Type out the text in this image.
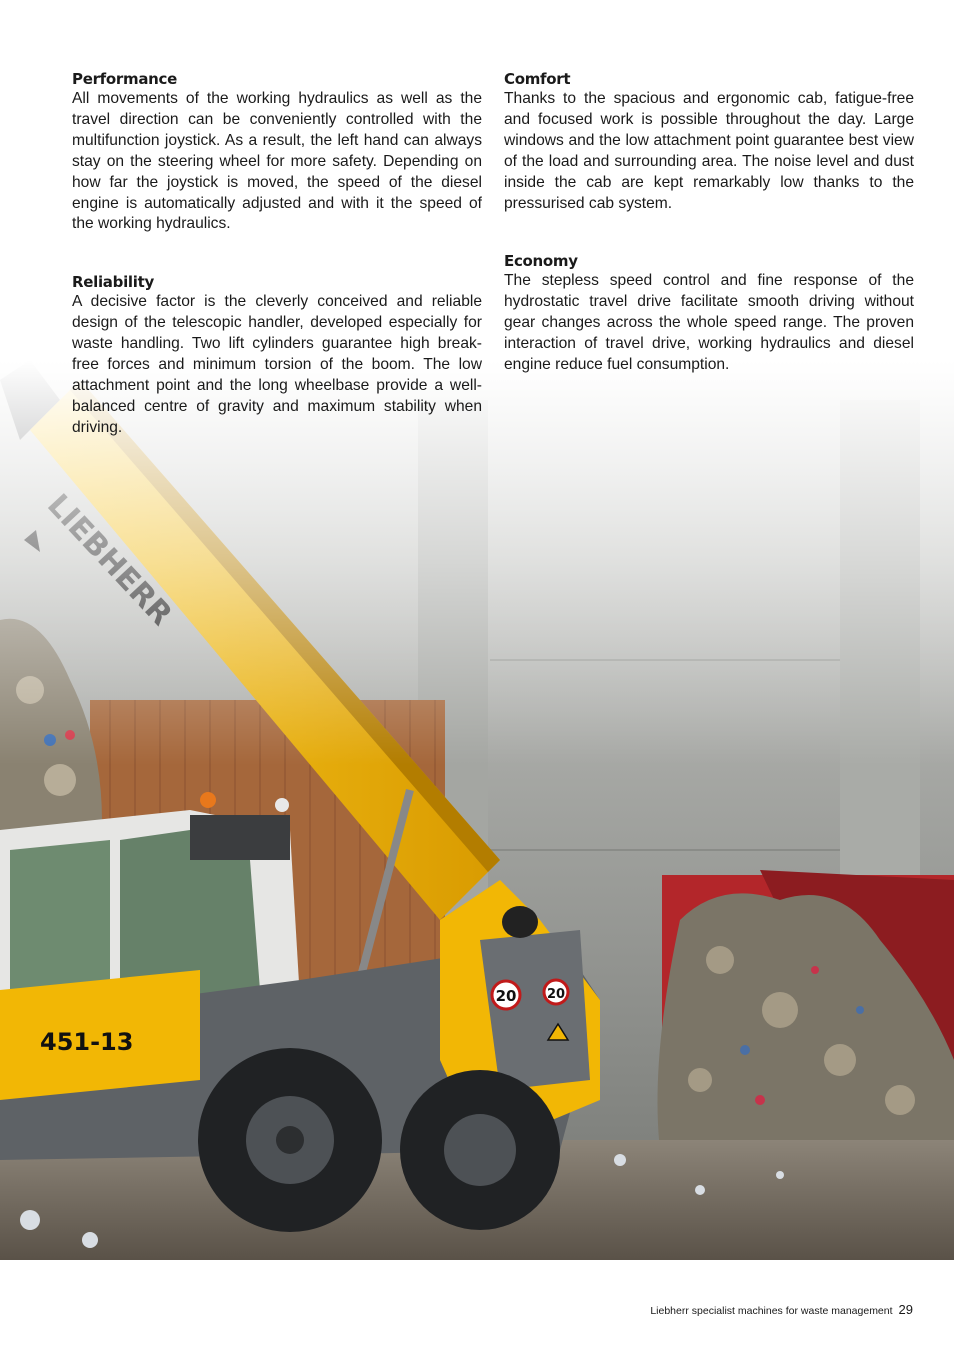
Performance

All movements of the working hydraulics as well as the travel direction can be conveniently controlled with the multifunction joystick. As a result, the left hand can always stay on the steering wheel for more safety. Depending on how far the joystick is moved, the speed of the diesel engine is automatically adjusted and with it the speed of the working hydraulics.

Reliability

A decisive factor is the cleverly conceived and reliable design of the telescopic handler, developed especially for waste handling. Two lift cylinders guarantee high break-free forces and minimum torsion of the boom. The low attachment point and the long wheelbase provide a well-balanced centre of gravity and maximum stability when driving.

Comfort

Thanks to the spacious and ergonomic cab, fatigue-free and focused work is possible throughout the day. Large windows and the low attachment point guarantee best view of the load and surrounding area. The noise level and dust inside the cab are kept remarkably low thanks to the pressurised cab system.

Economy

The stepless speed control and fine response of the hydrostatic travel drive facilitate smooth driving without gear changes across the whole speed range. The proven interaction of travel drive, working hydraulics and diesel engine reduce fuel consumption.

Liebherr specialist machines for waste management 29
